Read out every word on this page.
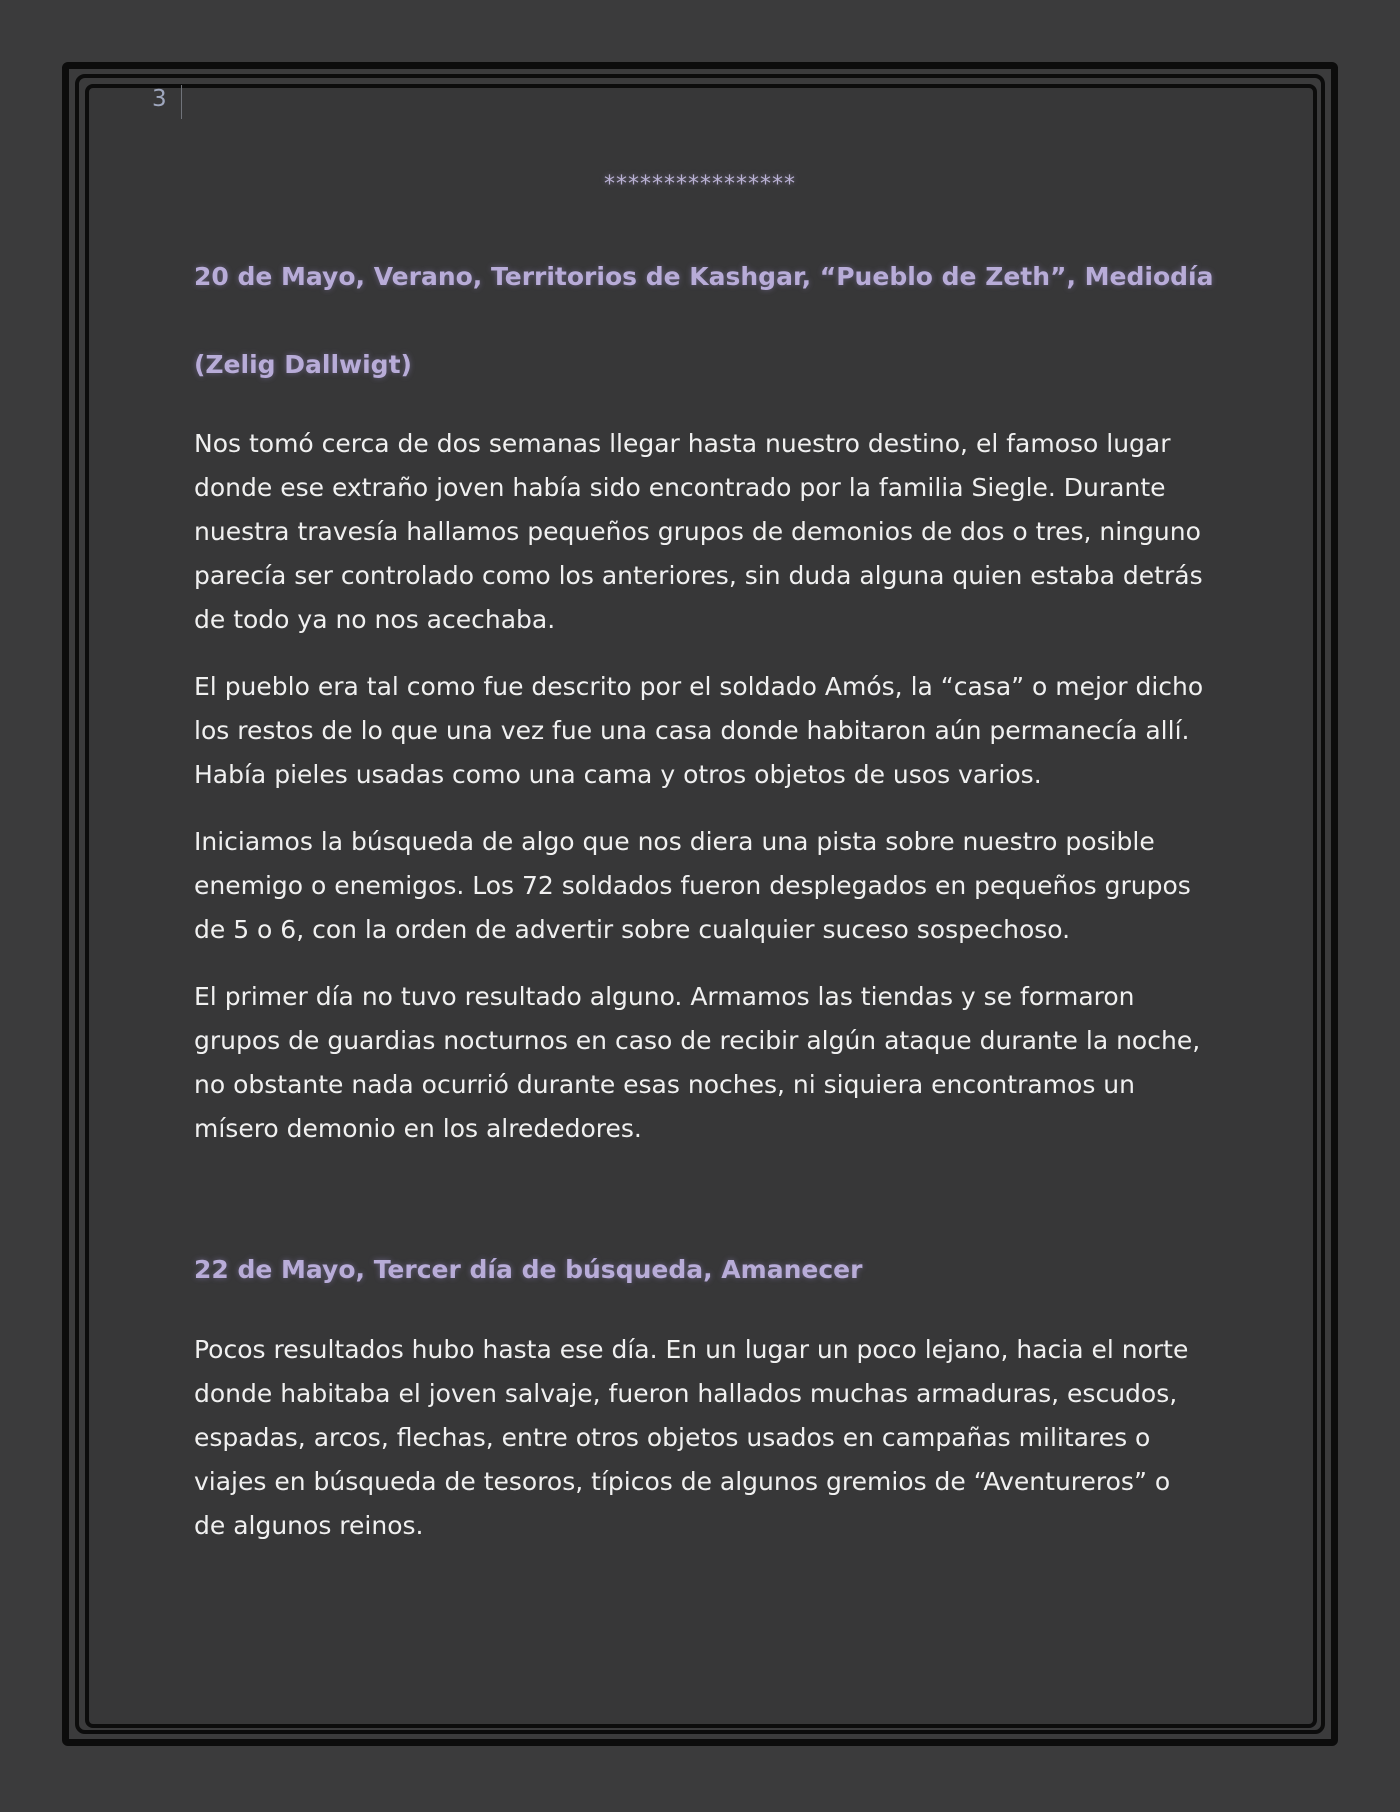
3
****************
20 de Mayo, Verano, Territorios de Kashgar, “Pueblo de Zeth”, Mediodía
(Zelig Dallwigt)

Nos tomó cerca de dos semanas llegar hasta nuestro destino, el famoso lugar donde ese extraño joven había sido encontrado por la familia Siegle. Durante nuestra travesía hallamos pequeños grupos de demonios de dos o tres, ninguno parecía ser controlado como los anteriores, sin duda alguna quien estaba detrás de todo ya no nos acechaba.

El pueblo era tal como fue descrito por el soldado Amós, la “casa” o mejor dicho los restos de lo que una vez fue una casa donde habitaron aún permanecía allí. Había pieles usadas como una cama y otros objetos de usos varios.

Iniciamos la búsqueda de algo que nos diera una pista sobre nuestro posible enemigo o enemigos. Los 72 soldados fueron desplegados en pequeños grupos de 5 o 6, con la orden de advertir sobre cualquier suceso sospechoso.

El primer día no tuvo resultado alguno. Armamos las tiendas y se formaron grupos de guardias nocturnos en caso de recibir algún ataque durante la noche, no obstante nada ocurrió durante esas noches, ni siquiera encontramos un mísero demonio en los alrededores.

22 de Mayo, Tercer día de búsqueda, Amanecer

Pocos resultados hubo hasta ese día. En un lugar un poco lejano, hacia el norte donde habitaba el joven salvaje, fueron hallados muchas armaduras, escudos, espadas, arcos, flechas, entre otros objetos usados en campañas militares o viajes en búsqueda de tesoros, típicos de algunos gremios de “Aventureros” o de algunos reinos.
